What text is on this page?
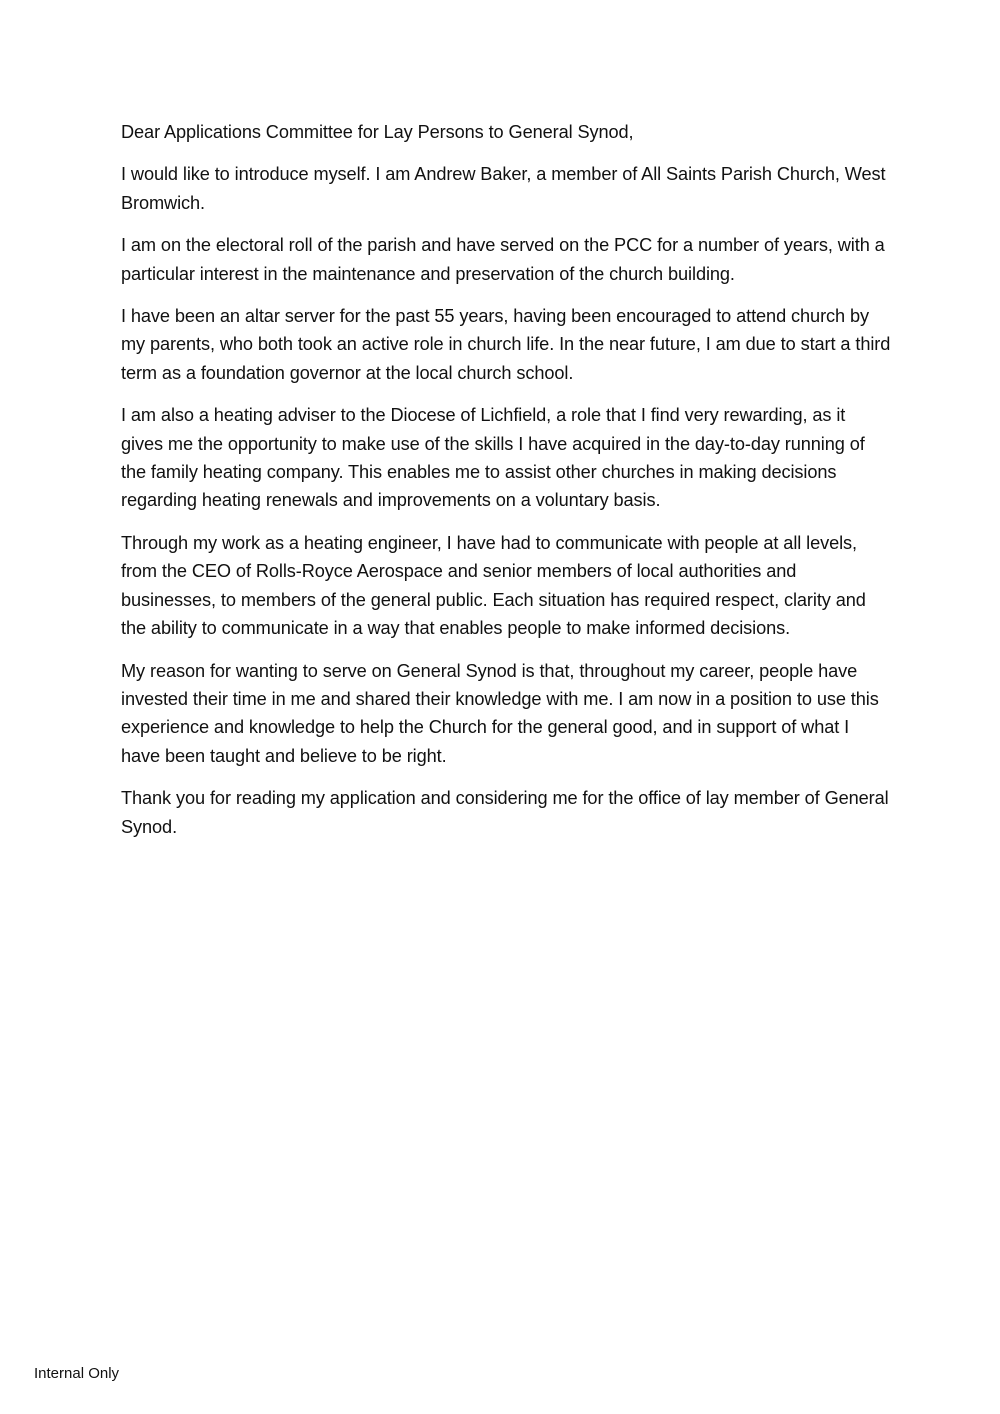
Dear Applications Committee for Lay Persons to General Synod,

I would like to introduce myself. I am Andrew Baker, a member of All Saints Parish Church, West Bromwich.

I am on the electoral roll of the parish and have served on the PCC for a number of years, with a particular interest in the maintenance and preservation of the church building.

I have been an altar server for the past 55 years, having been encouraged to attend church by my parents, who both took an active role in church life. In the near future, I am due to start a third term as a foundation governor at the local church school.

I am also a heating adviser to the Diocese of Lichfield, a role that I find very rewarding, as it gives me the opportunity to make use of the skills I have acquired in the day-to-day running of the family heating company. This enables me to assist other churches in making decisions regarding heating renewals and improvements on a voluntary basis.

Through my work as a heating engineer, I have had to communicate with people at all levels, from the CEO of Rolls-Royce Aerospace and senior members of local authorities and businesses, to members of the general public. Each situation has required respect, clarity and the ability to communicate in a way that enables people to make informed decisions.

My reason for wanting to serve on General Synod is that, throughout my career, people have invested their time in me and shared their knowledge with me. I am now in a position to use this experience and knowledge to help the Church for the general good, and in support of what I have been taught and believe to be right.

Thank you for reading my application and considering me for the office of lay member of General Synod.

Internal Only
